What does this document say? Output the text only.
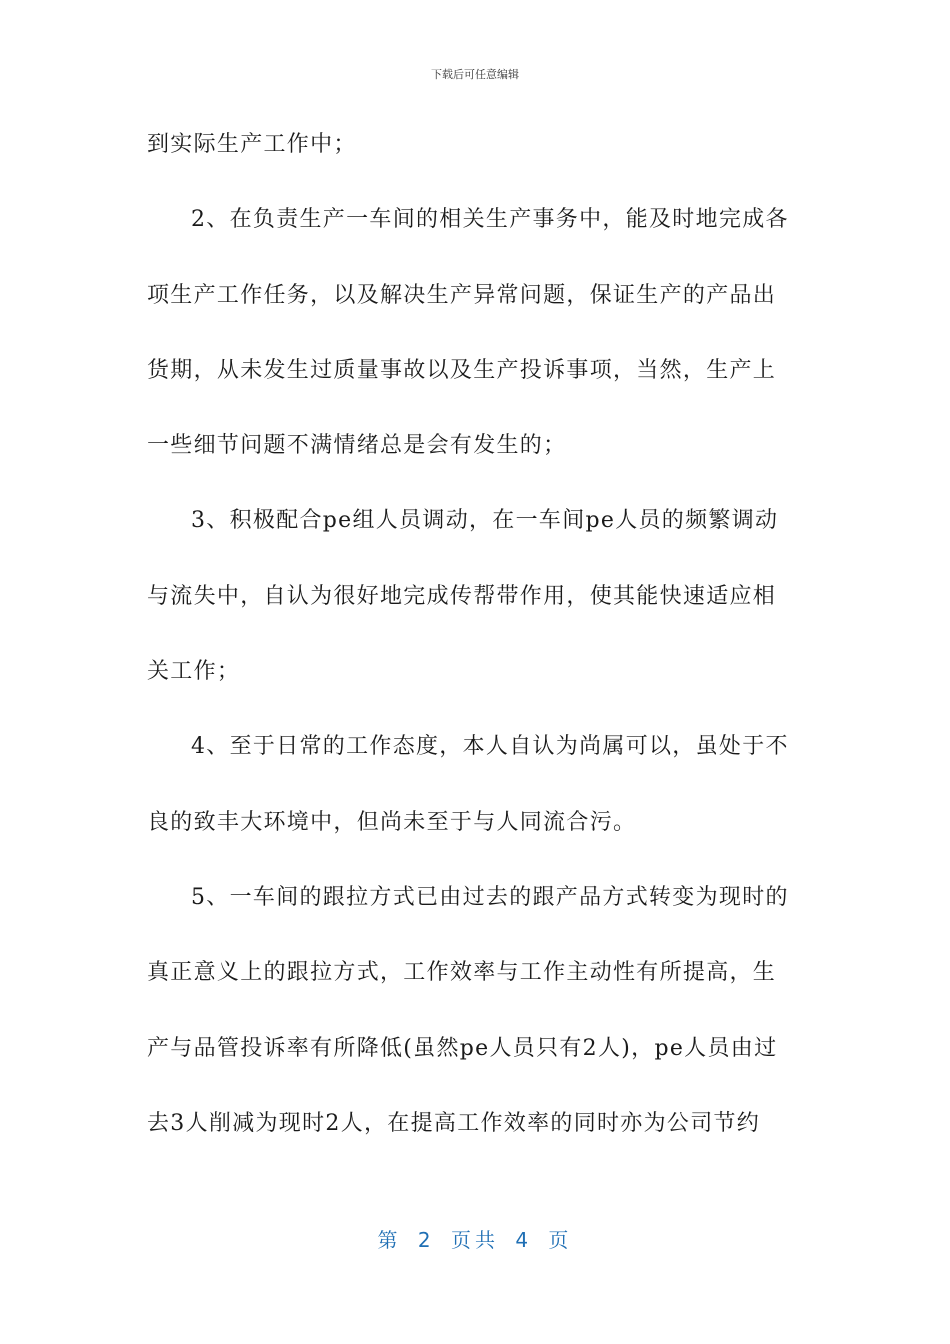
下载后可任意编辑
到实际生产工作中；
2、在负责生产一车间的相关生产事务中，能及时地完成各
项生产工作任务，以及解决生产异常问题，保证生产的产品出
货期，从未发生过质量事故以及生产投诉事项，当然，生产上
一些细节问题不满情绪总是会有发生的；
3、积极配合pe组人员调动，在一车间pe人员的频繁调动
与流失中，自认为很好地完成传帮带作用，使其能快速适应相
关工作；
4、至于日常的工作态度，本人自认为尚属可以，虽处于不
良的致丰大环境中，但尚未至于与人同流合污。
5、一车间的跟拉方式已由过去的跟产品方式转变为现时的
真正意义上的跟拉方式，工作效率与工作主动性有所提高，生
产与品管投诉率有所降低(虽然pe人员只有2人)，pe人员由过
去3人削减为现时2人，在提高工作效率的同时亦为公司节约
第 2 页共 4 页
